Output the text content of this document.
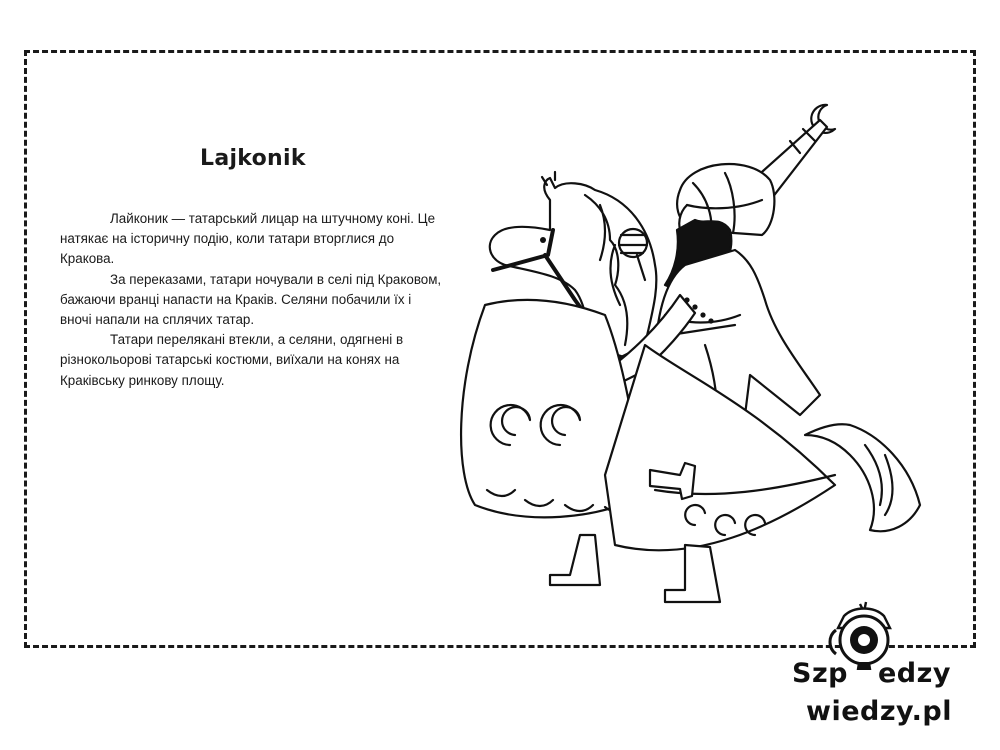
Lajkonik

Лайконик — татарський лицар на штучному коні. Це натякає на історичну подію, коли татари вторглися до Кракова.

За переказами, татари ночували в селі під Краковом, бажаючи вранці напасти на Краків. Селяни побачили їх і вночі напали на сплячих татар.

Татари перелякані втекли, а селяни, одягнені в різнокольорові татарські костюми, виїхали на конях на Краківську ринкову площу.

Szp edzy
wiedzy.pl
